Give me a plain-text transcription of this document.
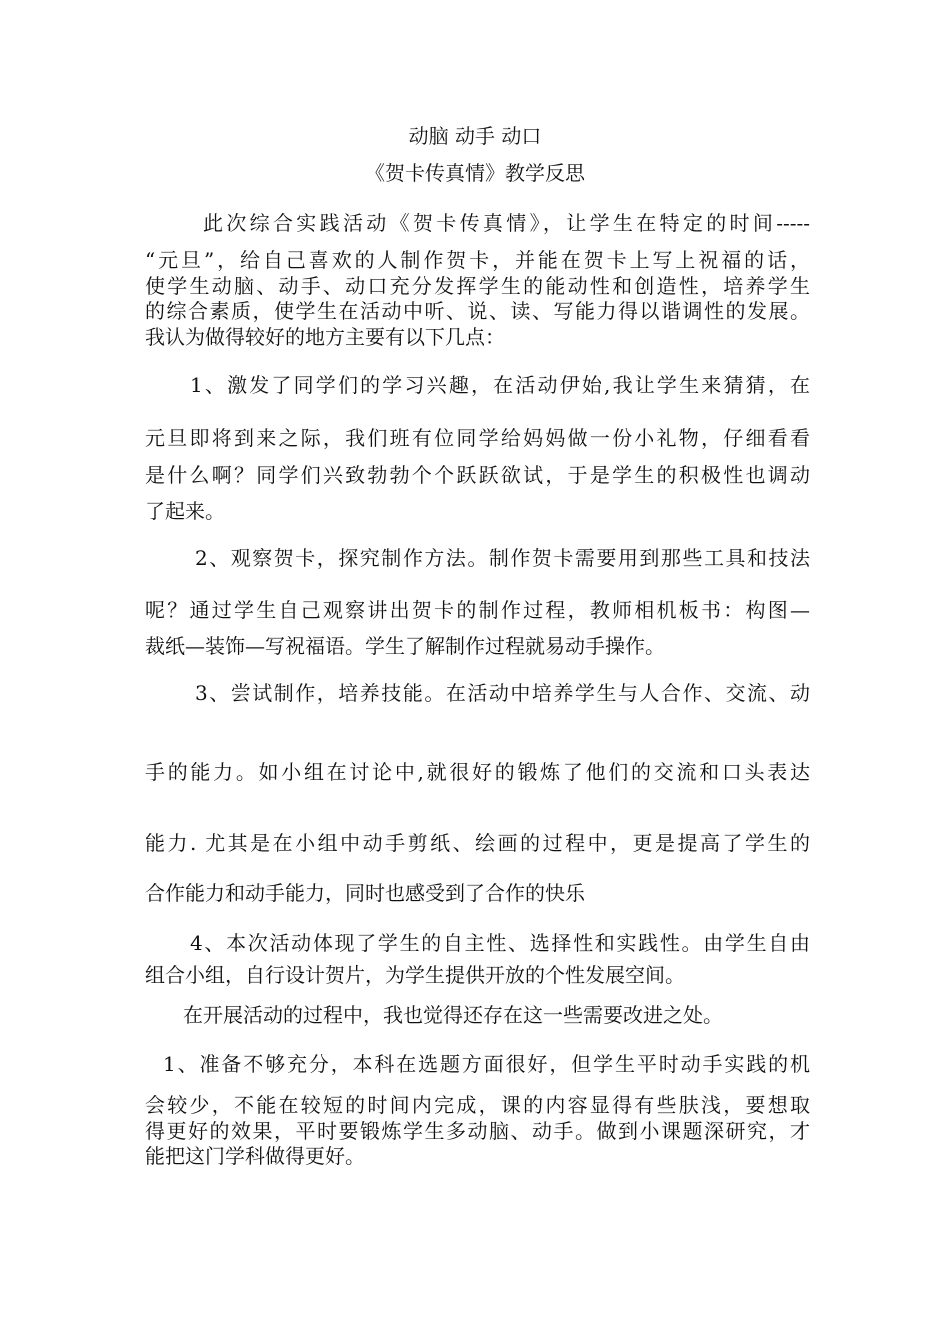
动脑 动手 动口
《贺卡传真情》教学反思
此次综合实践活动《贺卡传真情》，让学生在特定的时间-----
“元旦”，给自己喜欢的人制作贺卡，并能在贺卡上写上祝福的话，
使学生动脑、动手、动口充分发挥学生的能动性和创造性，培养学生
的综合素质，使学生在活动中听、说、读、写能力得以谐调性的发展。
我认为做得较好的地方主要有以下几点：
1、激发了同学们的学习兴趣，在活动伊始,我让学生来猜猜，在
元旦即将到来之际，我们班有位同学给妈妈做一份小礼物，仔细看看
是什么啊？同学们兴致勃勃个个跃跃欲试，于是学生的积极性也调动
了起来。
2、观察贺卡，探究制作方法。制作贺卡需要用到那些工具和技法
呢？通过学生自己观察讲出贺卡的制作过程，教师相机板书：构图—
裁纸—装饰—写祝福语。学生了解制作过程就易动手操作。
3、尝试制作，培养技能。在活动中培养学生与人合作、交流、动
手的能力。如小组在讨论中,就很好的锻炼了他们的交流和口头表达
能力. 尤其是在小组中动手剪纸、绘画的过程中，更是提高了学生的
合作能力和动手能力，同时也感受到了合作的快乐
4、本次活动体现了学生的自主性、选择性和实践性。由学生自由
组合小组，自行设计贺片，为学生提供开放的个性发展空间。
在开展活动的过程中，我也觉得还存在这一些需要改进之处。
1、准备不够充分，本科在选题方面很好，但学生平时动手实践的机
会较少，不能在较短的时间内完成，课的内容显得有些肤浅，要想取
得更好的效果，平时要锻炼学生多动脑、动手。做到小课题深研究，才
能把这门学科做得更好。
